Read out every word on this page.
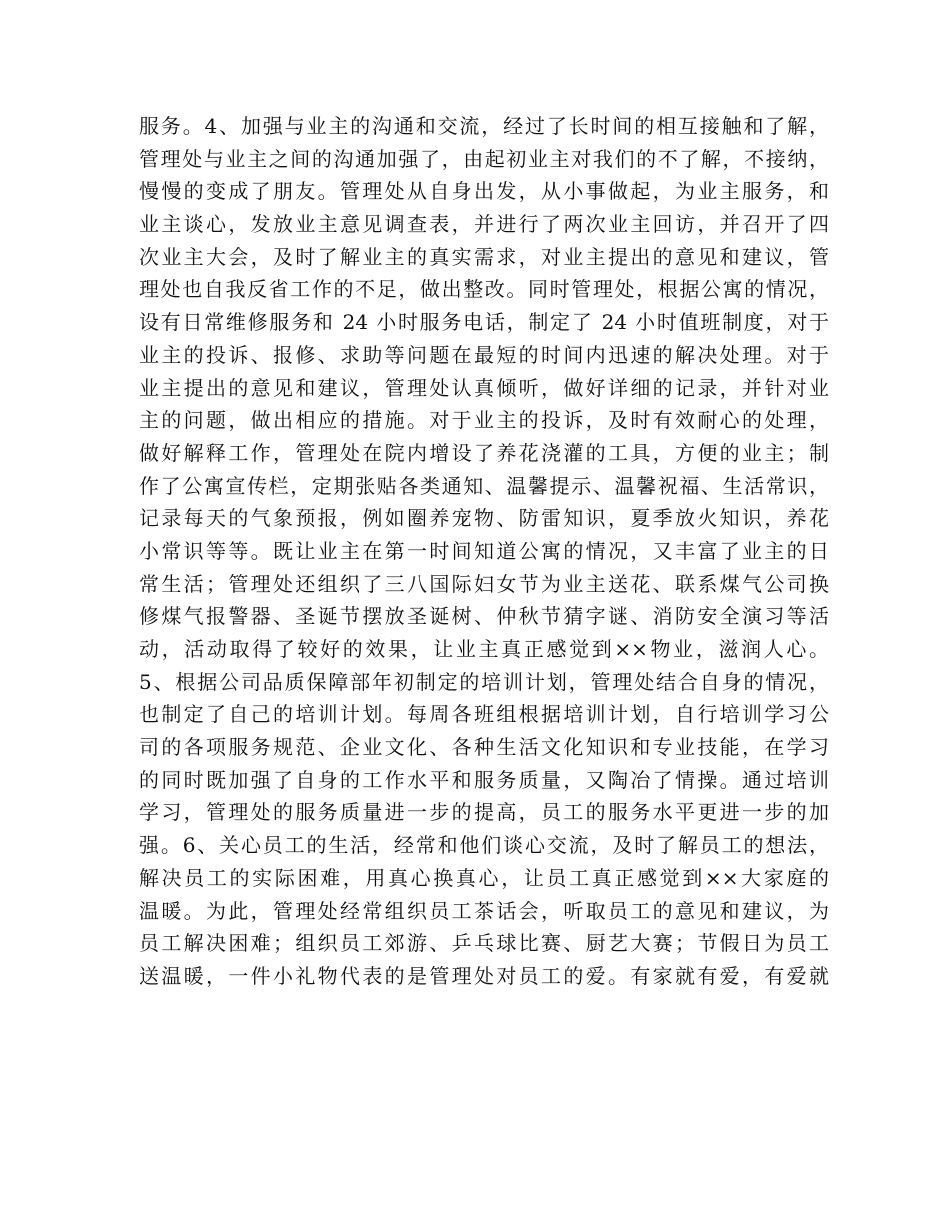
服务。4、加强与业主的沟通和交流，经过了长时间的相互接触和了解，
管理处与业主之间的沟通加强了，由起初业主对我们的不了解，不接纳，
慢慢的变成了朋友。管理处从自身出发，从小事做起，为业主服务，和
业主谈心，发放业主意见调查表，并进行了两次业主回访，并召开了四
次业主大会，及时了解业主的真实需求，对业主提出的意见和建议，管
理处也自我反省工作的不足，做出整改。同时管理处，根据公寓的情况，
设有日常维修服务和 24 小时服务电话，制定了 24 小时值班制度，对于
业主的投诉、报修、求助等问题在最短的时间内迅速的解决处理。对于
业主提出的意见和建议，管理处认真倾听，做好详细的记录，并针对业
主的问题，做出相应的措施。对于业主的投诉，及时有效耐心的处理，
做好解释工作，管理处在院内增设了养花浇灌的工具，方便的业主；制
作了公寓宣传栏，定期张贴各类通知、温馨提示、温馨祝福、生活常识，
记录每天的气象预报，例如圈养宠物、防雷知识，夏季放火知识，养花
小常识等等。既让业主在第一时间知道公寓的情况，又丰富了业主的日
常生活；管理处还组织了三八国际妇女节为业主送花、联系煤气公司换
修煤气报警器、圣诞节摆放圣诞树、仲秋节猜字谜、消防安全演习等活
动，活动取得了较好的效果，让业主真正感觉到××物业，滋润人心。
5、根据公司品质保障部年初制定的培训计划，管理处结合自身的情况，
也制定了自己的培训计划。每周各班组根据培训计划，自行培训学习公
司的各项服务规范、企业文化、各种生活文化知识和专业技能，在学习
的同时既加强了自身的工作水平和服务质量，又陶冶了情操。通过培训
学习，管理处的服务质量进一步的提高，员工的服务水平更进一步的加
强。6、关心员工的生活，经常和他们谈心交流，及时了解员工的想法，
解决员工的实际困难，用真心换真心，让员工真正感觉到××大家庭的
温暖。为此，管理处经常组织员工茶话会，听取员工的意见和建议，为
员工解决困难；组织员工郊游、乒乓球比赛、厨艺大赛；节假日为员工
送温暖，一件小礼物代表的是管理处对员工的爱。有家就有爱，有爱就
